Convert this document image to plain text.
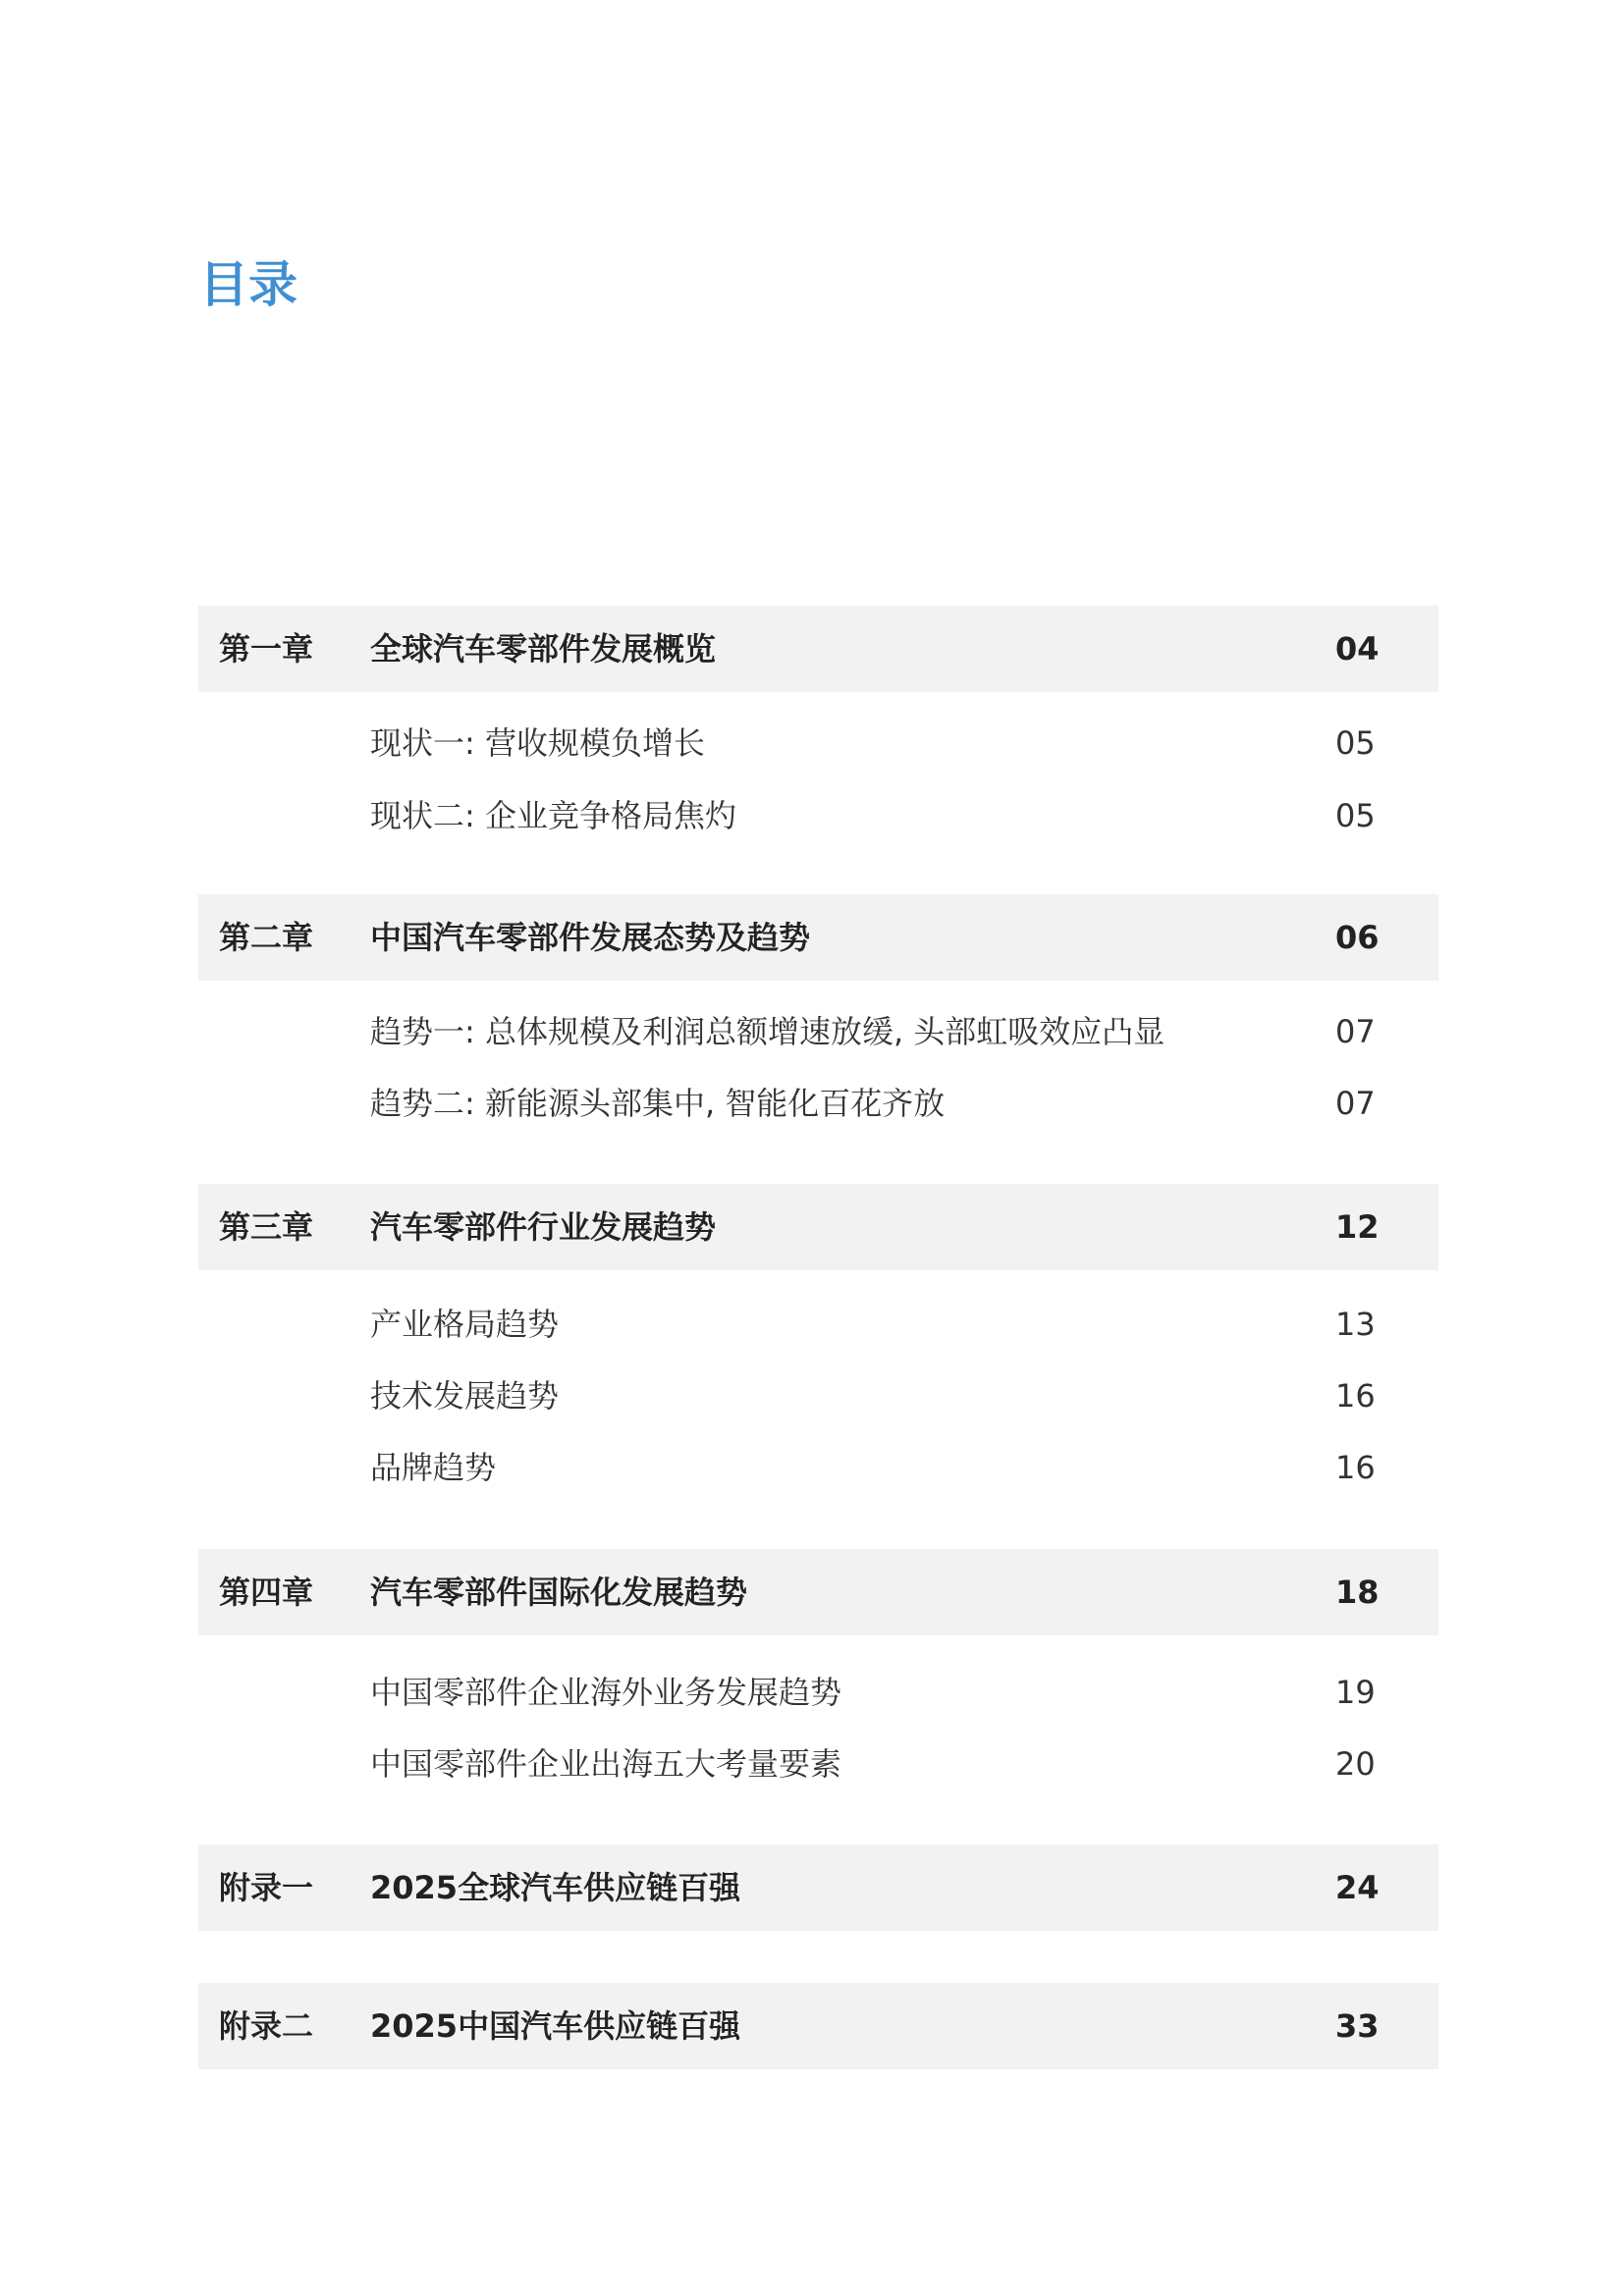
目录
第一章 全球汽车零部件发展概览	04
现状一: 营收规模负增长	05
现状二: 企业竞争格局焦灼	05
第二章 中国汽车零部件发展态势及趋势	06
趋势一: 总体规模及利润总额增速放缓, 头部虹吸效应凸显	07
趋势二: 新能源头部集中, 智能化百花齐放	07
第三章 汽车零部件行业发展趋势	12
产业格局趋势	13
技术发展趋势	16
品牌趋势	16
第四章 汽车零部件国际化发展趋势	18
中国零部件企业海外业务发展趋势	19
中国零部件企业出海五大考量要素	20
附录一 2025全球汽车供应链百强	24
附录二 2025中国汽车供应链百强	33
